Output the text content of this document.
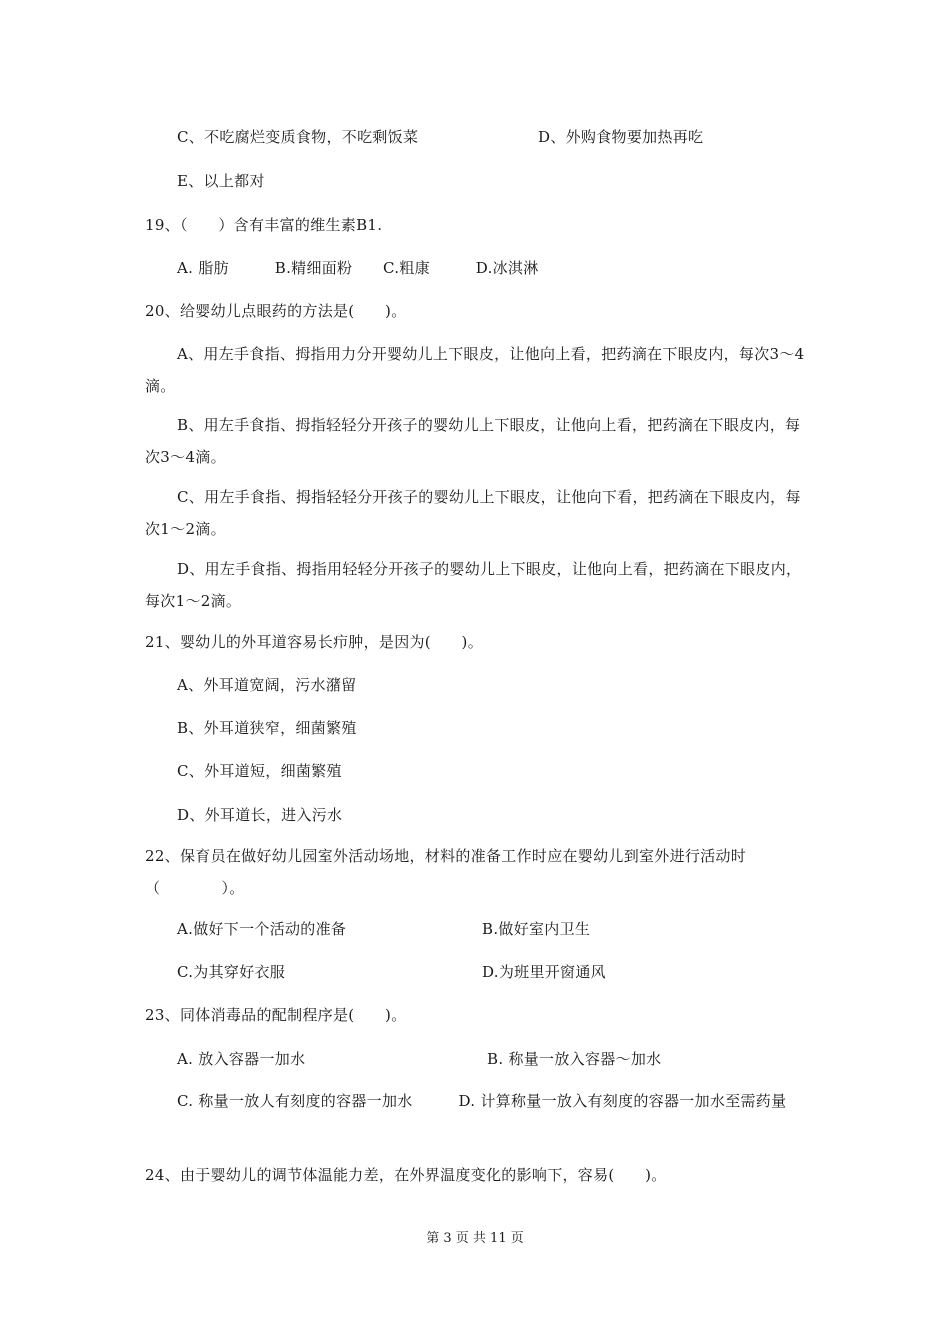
C、不吃腐烂变质食物，不吃剩饭菜	D、外购食物要加热再吃
E、以上都对
19、（　　）含有丰富的维生素B1.
A. 脂肪　　　B.精细面粉　　C.粗康　　　D.冰淇淋
20、给婴幼儿点眼药的方法是(　　)。
A、用左手食指、拇指用力分开婴幼儿上下眼皮，让他向上看，把药滴在下眼皮内，每次3～4滴。
B、用左手食指、拇指轻轻分开孩子的婴幼儿上下眼皮，让他向上看，把药滴在下眼皮内，每次3～4滴。
C、用左手食指、拇指轻轻分开孩子的婴幼儿上下眼皮，让他向下看，把药滴在下眼皮内，每次1～2滴。
D、用左手食指、拇指用轻轻分开孩子的婴幼儿上下眼皮，让他向上看，把药滴在下眼皮内，每次1～2滴。
21、婴幼儿的外耳道容易长疖肿，是因为(　　)。
A、外耳道宽阔，污水潴留
B、外耳道狭窄，细菌繁殖
C、外耳道短，细菌繁殖
D、外耳道长，进入污水
22、保育员在做好幼儿园室外活动场地，材料的准备工作时应在婴幼儿到室外进行活动时（　　　　）。
A.做好下一个活动的准备	B.做好室内卫生
C.为其穿好衣服	D.为班里开窗通风
23、同体消毒品的配制程序是(　　)。
A. 放入容器一加水	B. 称量一放入容器～加水
C. 称量一放人有刻度的容器一加水　　　D. 计算称量一放入有刻度的容器一加水至需药量
24、由于婴幼儿的调节体温能力差，在外界温度变化的影响下，容易(　　)。
第 3 页 共 11 页
